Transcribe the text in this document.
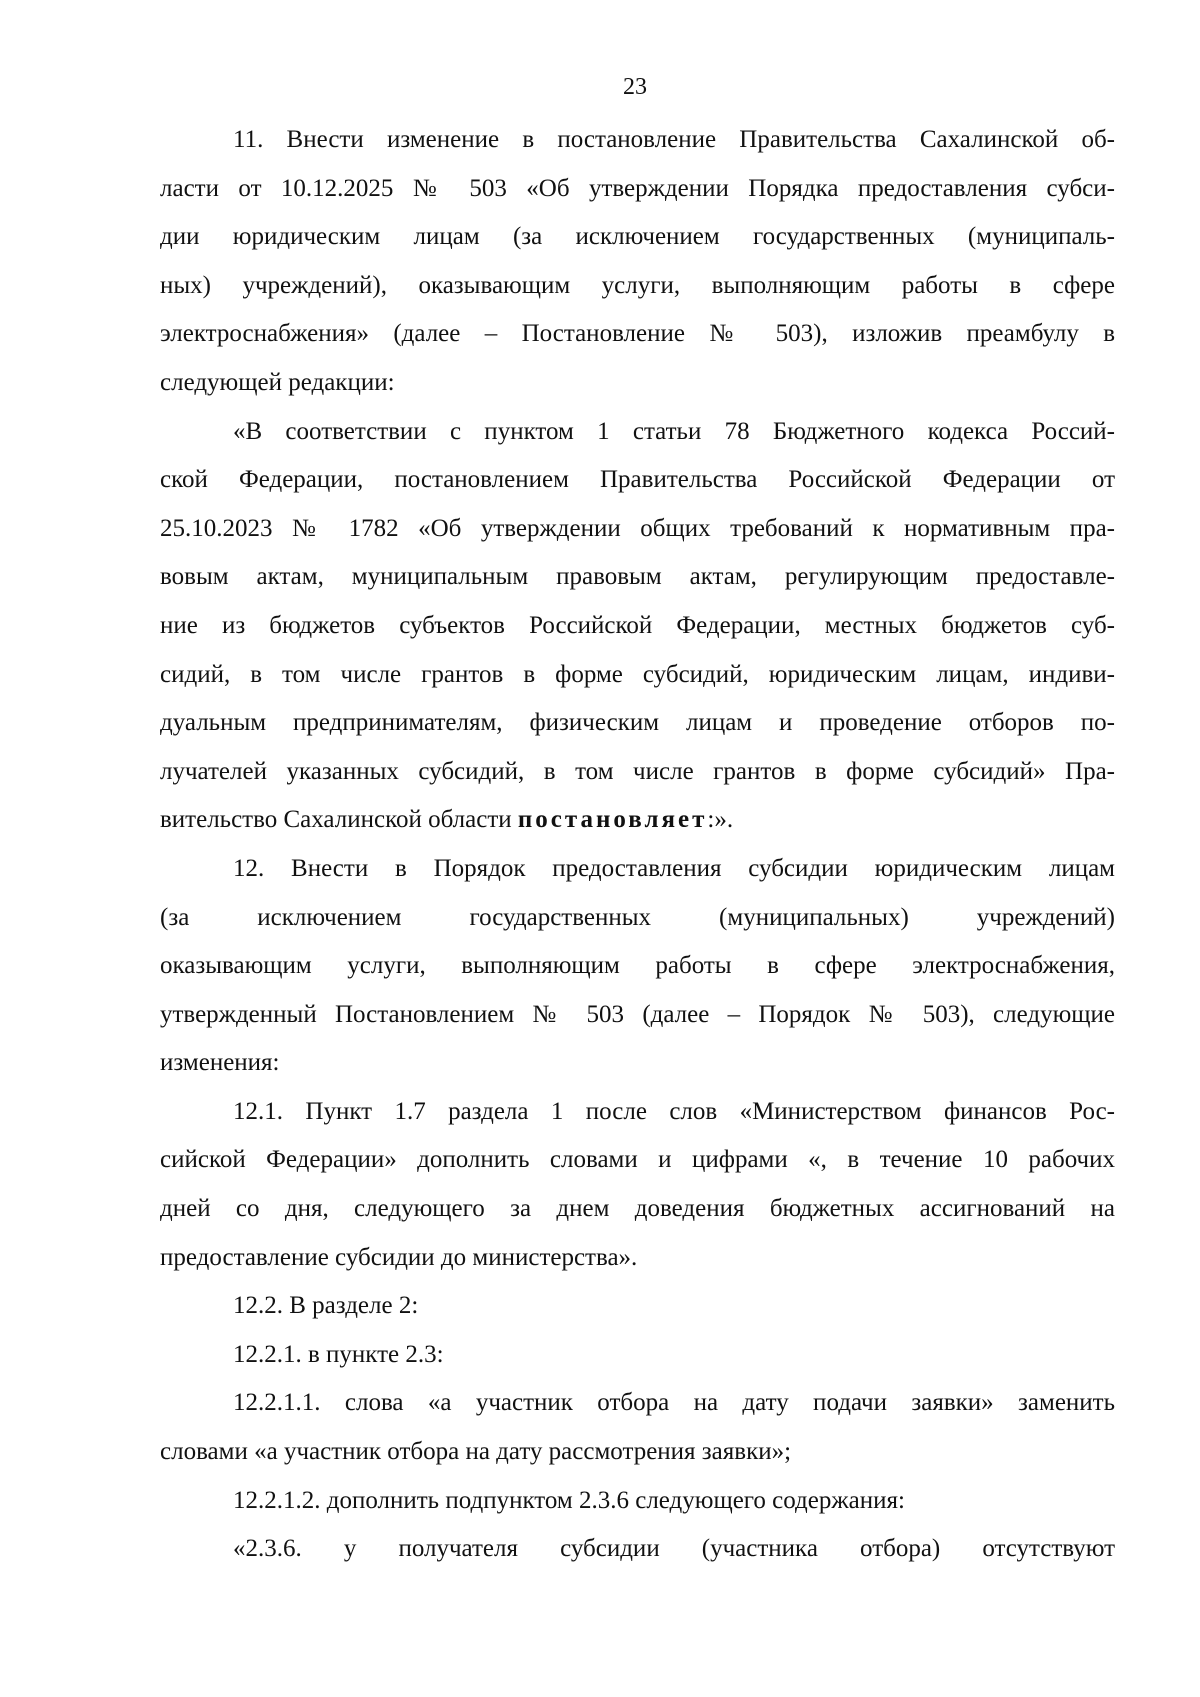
23
11. Внести изменение в постановление Правительства Сахалинской об-
ласти от 10.12.2025 № 503 «Об утверждении Порядка предоставления субси-
дии юридическим лицам (за исключением государственных (муниципаль-
ных) учреждений), оказывающим услуги, выполняющим работы в сфере
электроснабжения» (далее – Постановление № 503), изложив преамбулу в
следующей редакции:
«В соответствии с пунктом 1 статьи 78 Бюджетного кодекса Россий-
ской Федерации, постановлением Правительства Российской Федерации от
25.10.2023 № 1782 «Об утверждении общих требований к нормативным пра-
вовым актам, муниципальным правовым актам, регулирующим предоставле-
ние из бюджетов субъектов Российской Федерации, местных бюджетов суб-
сидий, в том числе грантов в форме субсидий, юридическим лицам, индиви-
дуальным предпринимателям, физическим лицам и проведение отборов по-
лучателей указанных субсидий, в том числе грантов в форме субсидий» Пра-
вительство Сахалинской области постановляет:».
12. Внести в Порядок предоставления субсидии юридическим лицам
(за исключением государственных (муниципальных) учреждений)
оказывающим услуги, выполняющим работы в сфере электроснабжения,
утвержденный Постановлением № 503 (далее – Порядок № 503), следующие
изменения:
12.1. Пункт 1.7 раздела 1 после слов «Министерством финансов Рос-
сийской Федерации» дополнить словами и цифрами «, в течение 10 рабочих
дней со дня, следующего за днем доведения бюджетных ассигнований на
предоставление субсидии до министерства».
12.2. В разделе 2:
12.2.1. в пункте 2.3:
12.2.1.1. слова «а участник отбора на дату подачи заявки» заменить
словами «а участник отбора на дату рассмотрения заявки»;
12.2.1.2. дополнить подпунктом 2.3.6 следующего содержания:
«2.3.6. у получателя субсидии (участника отбора) отсутствуют
